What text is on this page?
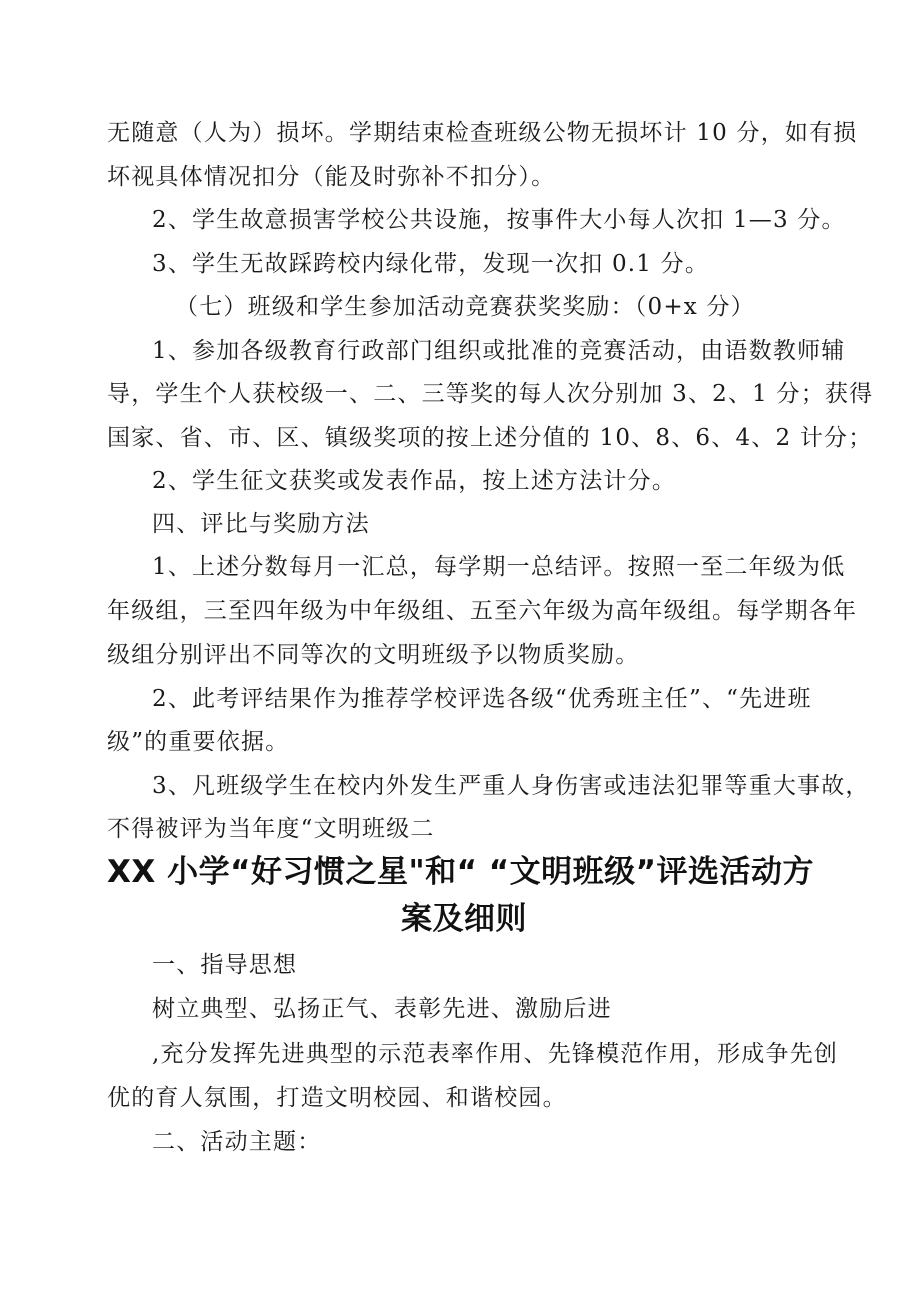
无随意（人为）损坏。学期结束检查班级公物无损坏计 10 分，如有损
坏视具体情况扣分（能及时弥补不扣分）。
2、学生故意损害学校公共设施，按事件大小每人次扣 1—3 分。
3、学生无故踩跨校内绿化带，发现一次扣 0.1 分。
（七）班级和学生参加活动竞赛获奖奖励：（0+x 分）
1、参加各级教育行政部门组织或批准的竞赛活动，由语数教师辅
导，学生个人获校级一、二、三等奖的每人次分别加 3、2、1 分；获得
国家、省、市、区、镇级奖项的按上述分值的 10、8、6、4、2 计分；
2、学生征文获奖或发表作品，按上述方法计分。
四、评比与奖励方法
1、上述分数每月一汇总，每学期一总结评。按照一至二年级为低
年级组，三至四年级为中年级组、五至六年级为高年级组。每学期各年
级组分别评出不同等次的文明班级予以物质奖励。
2、此考评结果作为推荐学校评选各级“优秀班主任”、“先进班
级”的重要依据。
3、凡班级学生在校内外发生严重人身伤害或违法犯罪等重大事故，
不得被评为当年度“文明班级二
XX 小学“好习惯之星"和“ “文明班级”评选活动方
案及细则
一、指导思想
树立典型、弘扬正气、表彰先进、激励后进
,充分发挥先进典型的示范表率作用、先锋模范作用，形成争先创
优的育人氛围，打造文明校园、和谐校园。
二、活动主题：
